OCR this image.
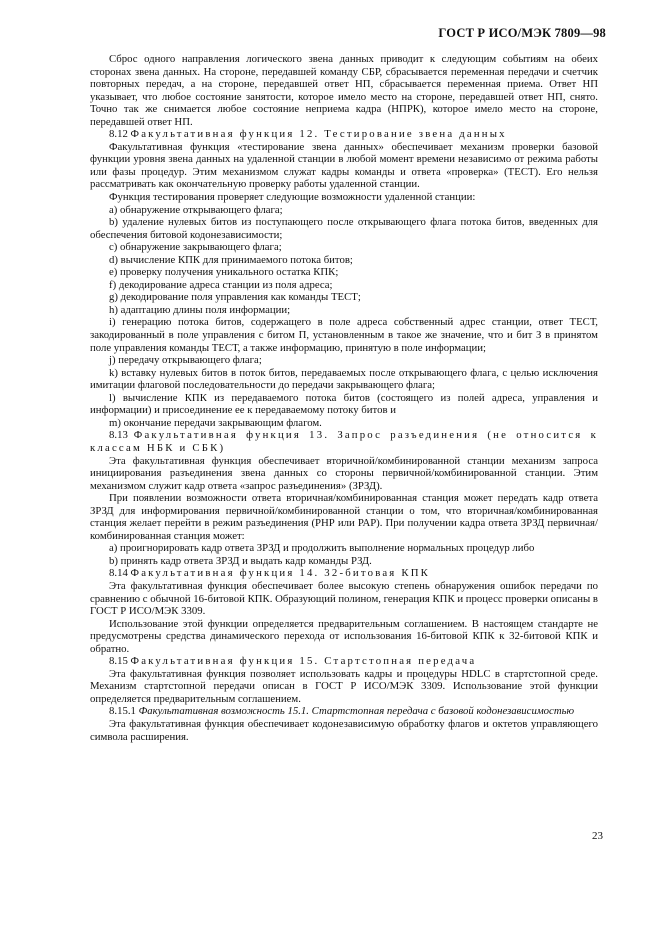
ГОСТ Р ИСО/МЭК 7809—98

Сброс одного направления логического звена данных приводит к следующим событиям на обеих сторонах звена данных. На стороне, передавшей команду СБР, сбрасывается переменная передачи и счетчик повторных передач, а на стороне, передавшей ответ НП, сбрасывается переменная приема. Ответ НП указывает, что любое состояние занятости, которое имело место на стороне, передавшей ответ НП, снято. Точно так же снимается любое состояние неприема кадра (НПРК), которое имело место на стороне, передавшей ответ НП.

8.12 Факультативная функция 12. Тестирование звена данных

Факультативная функция «тестирование звена данных» обеспечивает механизм проверки базовой функции уровня звена данных на удаленной станции в любой момент времени независимо от режима работы или фазы процедур. Этим механизмом служат кадры команды и ответа «проверка» (ТЕСТ). Его нельзя рассматривать как окончательную проверку работы удаленной станции.

Функция тестирования проверяет следующие возможности удаленной станции:

a) обнаружение открывающего флага;

b) удаление нулевых битов из поступающего после открывающего флага потока битов, введенных для обеспечения битовой кодонезависимости;

c) обнаружение закрывающего флага;

d) вычисление КПК для принимаемого потока битов;

e) проверку получения уникального остатка КПК;

f) декодирование адреса станции из поля адреса;

g) декодирование поля управления как команды ТЕСТ;

h) адаптацию длины поля информации;

i) генерацию потока битов, содержащего в поле адреса собственный адрес станции, ответ ТЕСТ, закодированный в поле управления с битом П, установленным в такое же значение, что и бит З в принятом поле управления команды ТЕСТ, а также информацию, принятую в поле информации;

j) передачу открывающего флага;

k) вставку нулевых битов в поток битов, передаваемых после открывающего флага, с целью исключения имитации флаговой последовательности до передачи закрывающего флага;

l) вычисление КПК из передаваемого потока битов (состоящего из полей адреса, управления и информации) и присоединение ее к передаваемому потоку битов и

m) окончание передачи закрывающим флагом.

8.13 Факультативная функция 13. Запрос разъединения (не относится к классам НБК и СБК)

Эта факультативная функция обеспечивает вторичной/комбинированной станции механизм запроса инициирования разъединения звена данных со стороны первичной/комбинированной станции. Этим механизмом служит кадр ответа «запрос разъединения» (ЗРЗД).

При появлении возможности ответа вторичная/комбинированная станция может передать кадр ответа ЗРЗД для информирования первичной/комбинированной станции о том, что вторичная/комбинированная станция желает перейти в режим разъединения (РНР или РАР). При получении кадра ответа ЗРЗД первичная/комбинированная станция может:

a) проигнорировать кадр ответа ЗРЗД и продолжить выполнение нормальных процедур либо

b) принять кадр ответа ЗРЗД и выдать кадр команды РЗД.

8.14 Факультативная функция 14. 32-битовая КПК

Эта факультативная функция обеспечивает более высокую степень обнаружения ошибок передачи по сравнению с обычной 16-битовой КПК. Образующий полином, генерация КПК и процесс проверки описаны в ГОСТ Р ИСО/МЭК 3309.

Использование этой функции определяется предварительным соглашением. В настоящем стандарте не предусмотрены средства динамического перехода от использования 16-битовой КПК к 32-битовой КПК и обратно.

8.15 Факультативная функция 15. Стартстопная передача

Эта факультативная функция позволяет использовать кадры и процедуры HDLC в стартстопной среде. Механизм стартстопной передачи описан в ГОСТ Р ИСО/МЭК 3309. Использование этой функции определяется предварительным соглашением.

8.15.1 Факультативная возможность 15.1. Стартстопная передача с базовой кодонезависимостью

Эта факультативная функция обеспечивает кодонезависимую обработку флагов и октетов управляющего символа расширения.

23
